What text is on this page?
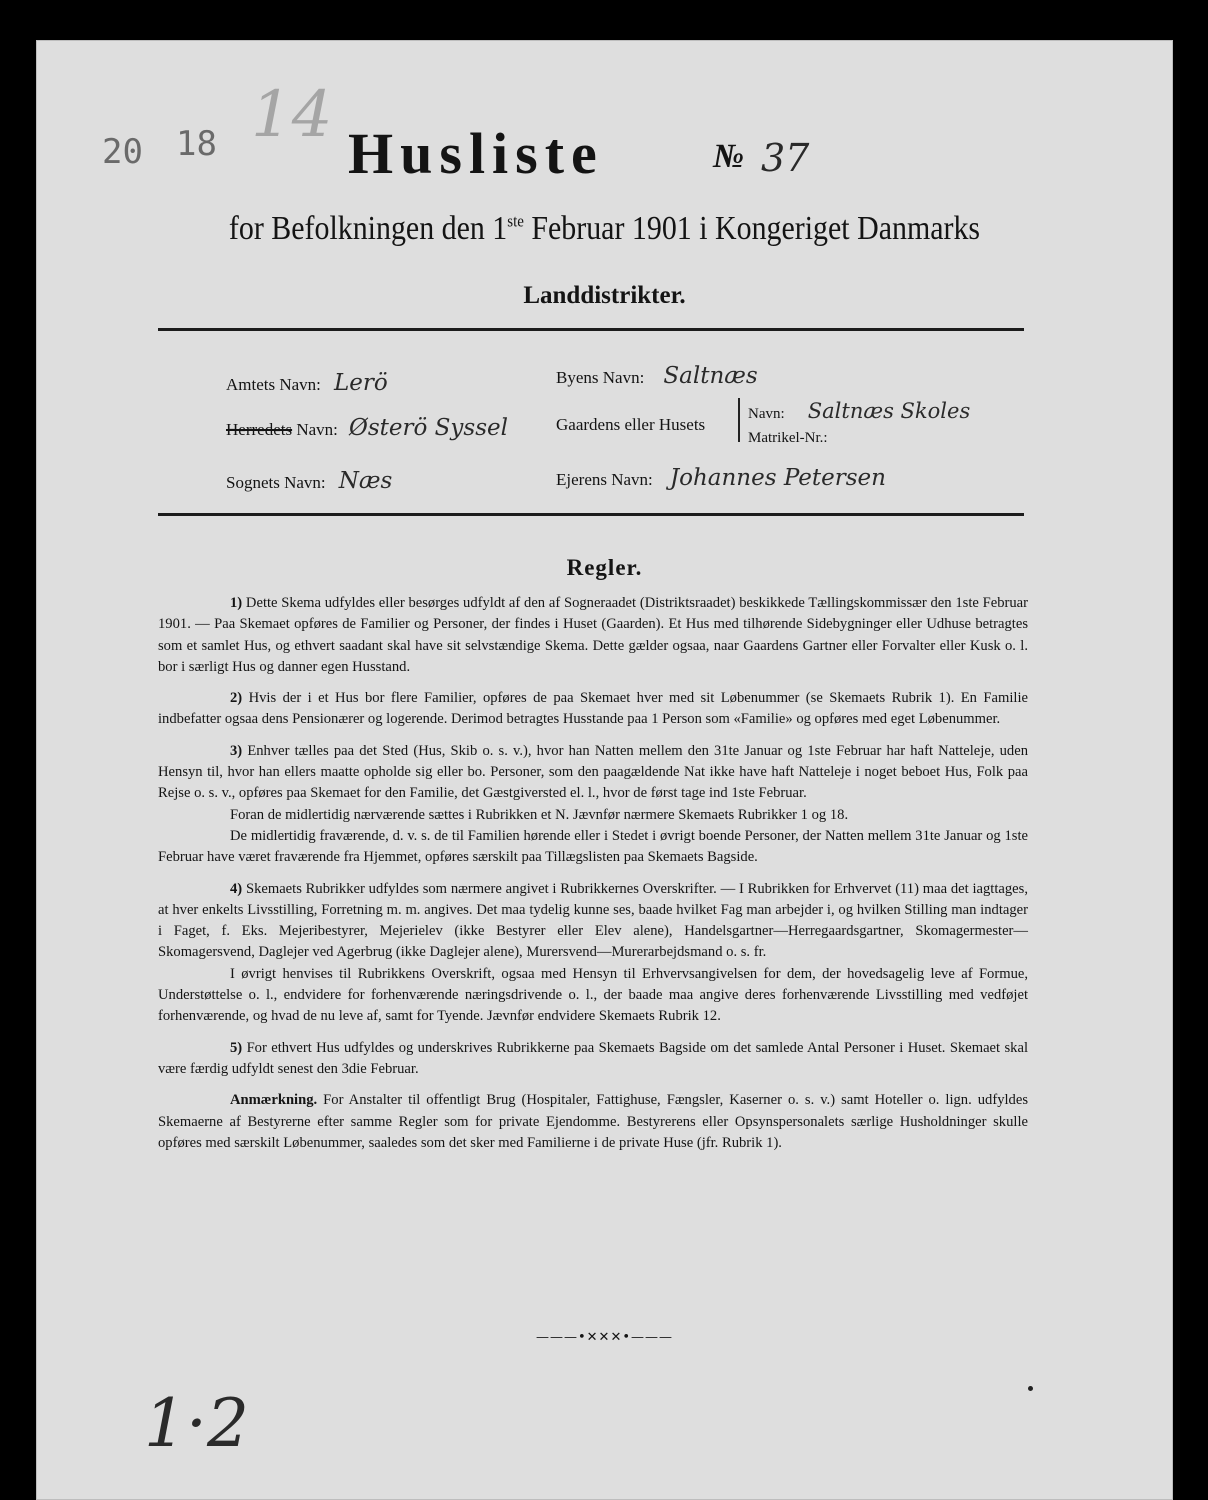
20 18 14
Husliste	№ 37
for Befolkningen den 1ste Februar 1901 i Kongeriget Danmarks
Landdistrikter.
Amtets Navn: Lerö
Herredets Navn: Østerö Syssel
Sognets Navn: Næs
Byens Navn: Saltnæs
Gaardens eller Husets
Navn: Saltnæs Skoles
Matrikel-Nr.:
Ejerens Navn: Johannes Petersen
Regler.

1) Dette Skema udfyldes eller besørges udfyldt af den af Sogneraadet (Distriktsraadet) beskikkede Tællingskommissær den 1ste Februar 1901. — Paa Skemaet opføres de Familier og Personer, der findes i Huset (Gaarden). Et Hus med tilhørende Sidebygninger eller Udhuse betragtes som et samlet Hus, og ethvert saadant skal have sit selvstændige Skema. Dette gælder ogsaa, naar Gaardens Gartner eller Forvalter eller Kusk o. l. bor i særligt Hus og danner egen Husstand.

2) Hvis der i et Hus bor flere Familier, opføres de paa Skemaet hver med sit Løbenummer (se Skemaets Rubrik 1). En Familie indbefatter ogsaa dens Pensionærer og logerende. Derimod betragtes Husstande paa 1 Person som «Familie» og opføres med eget Løbenummer.

3) Enhver tælles paa det Sted (Hus, Skib o. s. v.), hvor han Natten mellem den 31te Januar og 1ste Februar har haft Natteleje, uden Hensyn til, hvor han ellers maatte opholde sig eller bo. Personer, som den paagældende Nat ikke have haft Natteleje i noget beboet Hus, Folk paa Rejse o. s. v., opføres paa Skemaet for den Familie, det Gæstgiversted el. l., hvor de først tage ind 1ste Februar.

Foran de midlertidig nærværende sættes i Rubrikken et N. Jævnfør nærmere Skemaets Rubrikker 1 og 18.

De midlertidig fraværende, d. v. s. de til Familien hørende eller i Stedet i øvrigt boende Personer, der Natten mellem 31te Januar og 1ste Februar have været fraværende fra Hjemmet, opføres særskilt paa Tillægslisten paa Skemaets Bagside.

4) Skemaets Rubrikker udfyldes som nærmere angivet i Rubrikkernes Overskrifter. — I Rubrikken for Erhvervet (11) maa det iagttages, at hver enkelts Livsstilling, Forretning m. m. angives. Det maa tydelig kunne ses, baade hvilket Fag man arbejder i, og hvilken Stilling man indtager i Faget, f. Eks. Mejeribestyrer, Mejerielev (ikke Bestyrer eller Elev alene), Handelsgartner—Herregaardsgartner, Skomagermester—Skomagersvend, Daglejer ved Agerbrug (ikke Daglejer alene), Murersvend—Murerarbejdsmand o. s. fr.

I øvrigt henvises til Rubrikkens Overskrift, ogsaa med Hensyn til Erhvervsangivelsen for dem, der hovedsagelig leve af Formue, Understøttelse o. l., endvidere for forhenværende næringsdrivende o. l., der baade maa angive deres forhenværende Livsstilling med vedføjet forhenværende, og hvad de nu leve af, samt for Tyende. Jævnfør endvidere Skemaets Rubrik 12.

5) For ethvert Hus udfyldes og underskrives Rubrikkerne paa Skemaets Bagside om det samlede Antal Personer i Huset. Skemaet skal være færdig udfyldt senest den 3die Februar.

Anmærkning. For Anstalter til offentligt Brug (Hospitaler, Fattighuse, Fængsler, Kaserner o. s. v.) samt Hoteller o. lign. udfyldes Skemaerne af Bestyrerne efter samme Regler som for private Ejendomme. Bestyrerens eller Opsynspersonalets særlige Husholdninger skulle opføres med særskilt Løbenummer, saaledes som det sker med Familierne i de private Huse (jfr. Rubrik 1).

———•✕✕✕•———
1·2
